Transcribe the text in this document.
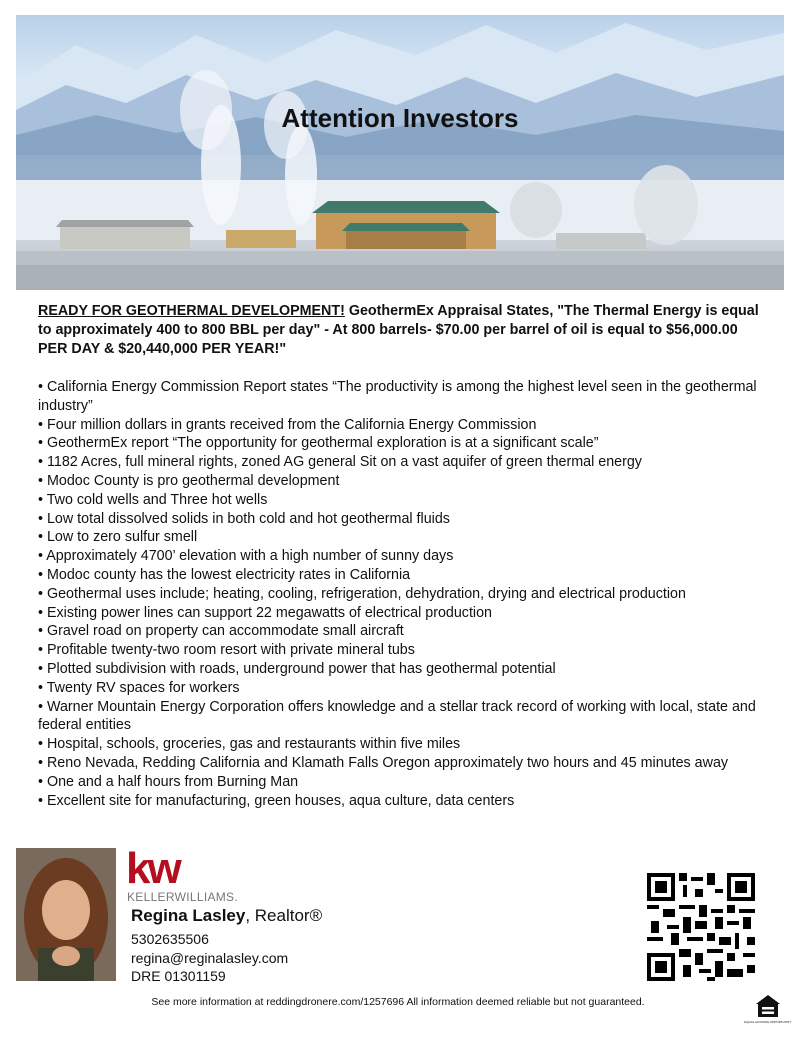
Attention Investors

READY FOR GEOTHERMAL DEVELOPMENT! GeothermEx Appraisal States, "The Thermal Energy is equal to approximately 400 to 800 BBL per day" - At 800 barrels- $70.00 per barrel of oil is equal to $56,000.00 PER DAY & $20,440,000 PER YEAR!"

• California Energy Commission Report states “The productivity is among the highest level seen in the geothermal industry”
• Four million dollars in grants received from the California Energy Commission
• GeothermEx report “The opportunity for geothermal exploration is at a significant scale”
• 1182 Acres, full mineral rights, zoned AG general Sit on a vast aquifer of green thermal energy
• Modoc County is pro geothermal development
• Two cold wells and Three hot wells
• Low total dissolved solids in both cold and hot geothermal fluids
• Low to zero sulfur smell
• Approximately 4700’ elevation with a high number of sunny days
• Modoc county has the lowest electricity rates in California
• Geothermal uses include; heating, cooling, refrigeration, dehydration, drying and electrical production
• Existing power lines can support 22 megawatts of electrical production
• Gravel road on property can accommodate small aircraft
• Profitable twenty-two room resort with private mineral tubs
• Plotted subdivision with roads, underground power that has geothermal potential
• Twenty RV spaces for workers
• Warner Mountain Energy Corporation offers knowledge and a stellar track record of working with local, state and federal entities
• Hospital, schools, groceries, gas and restaurants within five miles
• Reno Nevada, Redding California and Klamath Falls Oregon approximately two hours and 45 minutes away
• One and a half hours from Burning Man
• Excellent site for manufacturing, green houses, aqua culture, data centers
kw
KELLERWILLIAMS.
Regina Lasley, Realtor®
5302635506
regina@reginalasley.com
DRE 01301159

See more information at reddingdronere.com/1257696 All information deemed reliable but not guaranteed.

EQUAL HOUSING OPPORTUNITY
